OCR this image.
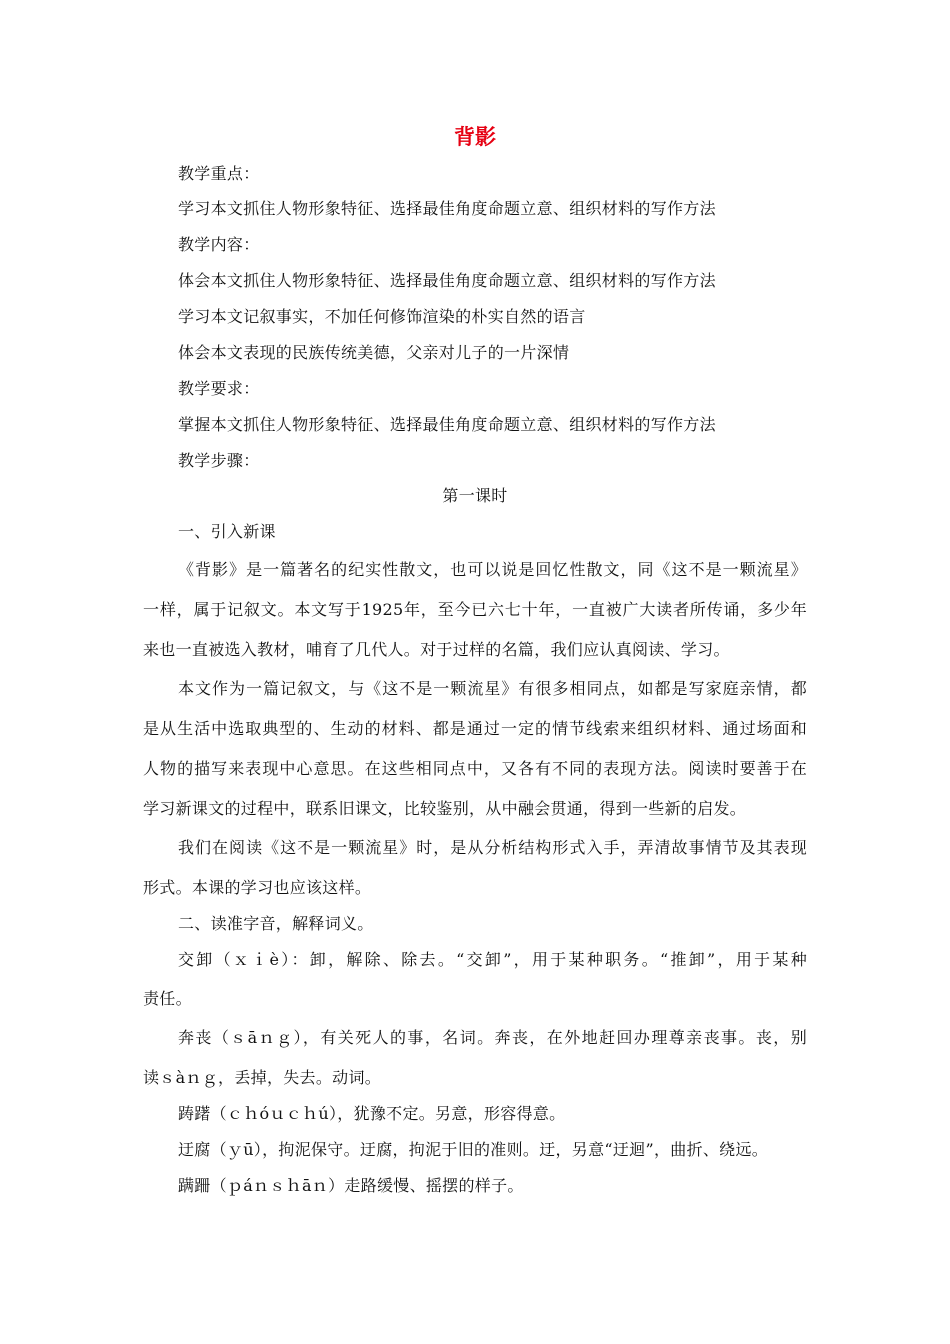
背影
教学重点：
学习本文抓住人物形象特征、选择最佳角度命题立意、组织材料的写作方法
教学内容：
体会本文抓住人物形象特征、选择最佳角度命题立意、组织材料的写作方法
学习本文记叙事实，不加任何修饰渲染的朴实自然的语言
体会本文表现的民族传统美德，父亲对儿子的一片深情
教学要求：
掌握本文抓住人物形象特征、选择最佳角度命题立意、组织材料的写作方法
教学步骤：
第一课时
一、引入新课
《背影》是一篇著名的纪实性散文，也可以说是回忆性散文，同《这不是一颗流星》
一样，属于记叙文。本文写于1925年，至今已六七十年，一直被广大读者所传诵，多少年
来也一直被选入教材，哺育了几代人。对于过样的名篇，我们应认真阅读、学习。
本文作为一篇记叙文，与《这不是一颗流星》有很多相同点，如都是写家庭亲情，都
是从生活中选取典型的、生动的材料、都是通过一定的情节线索来组织材料、通过场面和
人物的描写来表现中心意思。在这些相同点中，又各有不同的表现方法。阅读时要善于在
学习新课文的过程中，联系旧课文，比较鉴别，从中融会贯通，得到一些新的启发。
我们在阅读《这不是一颗流星》时，是从分析结构形式入手，弄清故事情节及其表现
形式。本课的学习也应该这样。
二、读准字音，解释词义。
交卸（ｘｉè）：卸，解除、除去。“交卸”，用于某种职务。“推卸”，用于某种
责任。
奔丧（ｓāｎｇ），有关死人的事，名词。奔丧，在外地赶回办理尊亲丧事。丧，别
读ｓàｎｇ，丢掉，失去。动词。
踌躇（ｃｈóｕｃｈú），犹豫不定。另意，形容得意。
迂腐（ｙū），拘泥保守。迂腐，拘泥于旧的准则。迂，另意“迂迴”，曲折、绕远。
蹒跚（ｐáｎｓｈāｎ）走路缓慢、摇摆的样子。
